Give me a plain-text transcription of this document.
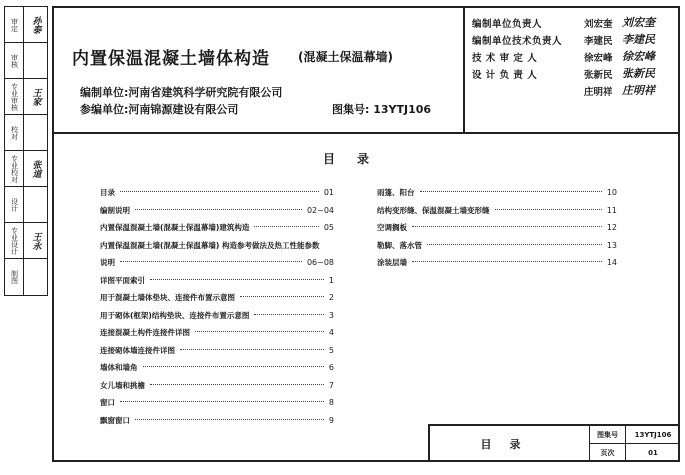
审定	孙泰
审核
专业审核	王家
校对
专业校对	张道
设计
专业设计	王永
制图
内置保温混凝土墙体构造 (混凝土保温幕墙)
编制单位:河南省建筑科学研究院有限公司
参编单位:河南锦源建设有限公司	图集号: 13YTJ106
编制单位负责人	刘宏奎 刘宏奎
编制单位技术负责人	李建民 李建民
技 术 审 定 人	徐宏峰 徐宏峰
设 计 负 责 人	张新民 张新民
庄明祥 庄明祥
目录
目录	01
编制说明	02~04
内置保温混凝土墙(混凝土保温幕墙)建筑构造	05
内置保温混凝土墙(混凝土保温幕墙) 构造参考做法及热工性能参数
说明	06~08
详图平面索引	1
用于混凝土墙体垫块、连接件布置示意图	2
用于砌体(框架)结构垫块、连接件布置示意图	3
连接混凝土构件连接件详图	4
连接砌体墙连接件详图	5
墙体和墙角	6
女儿墙和挑檐	7
窗口	8
飘窗窗口	9
雨篷、阳台	10
结构变形缝、保温混凝土墙变形缝	11
空调搁板	12
勒脚、落水管	13
涂装层墙	14
目录
图集号	13YTJ106
页次	01
